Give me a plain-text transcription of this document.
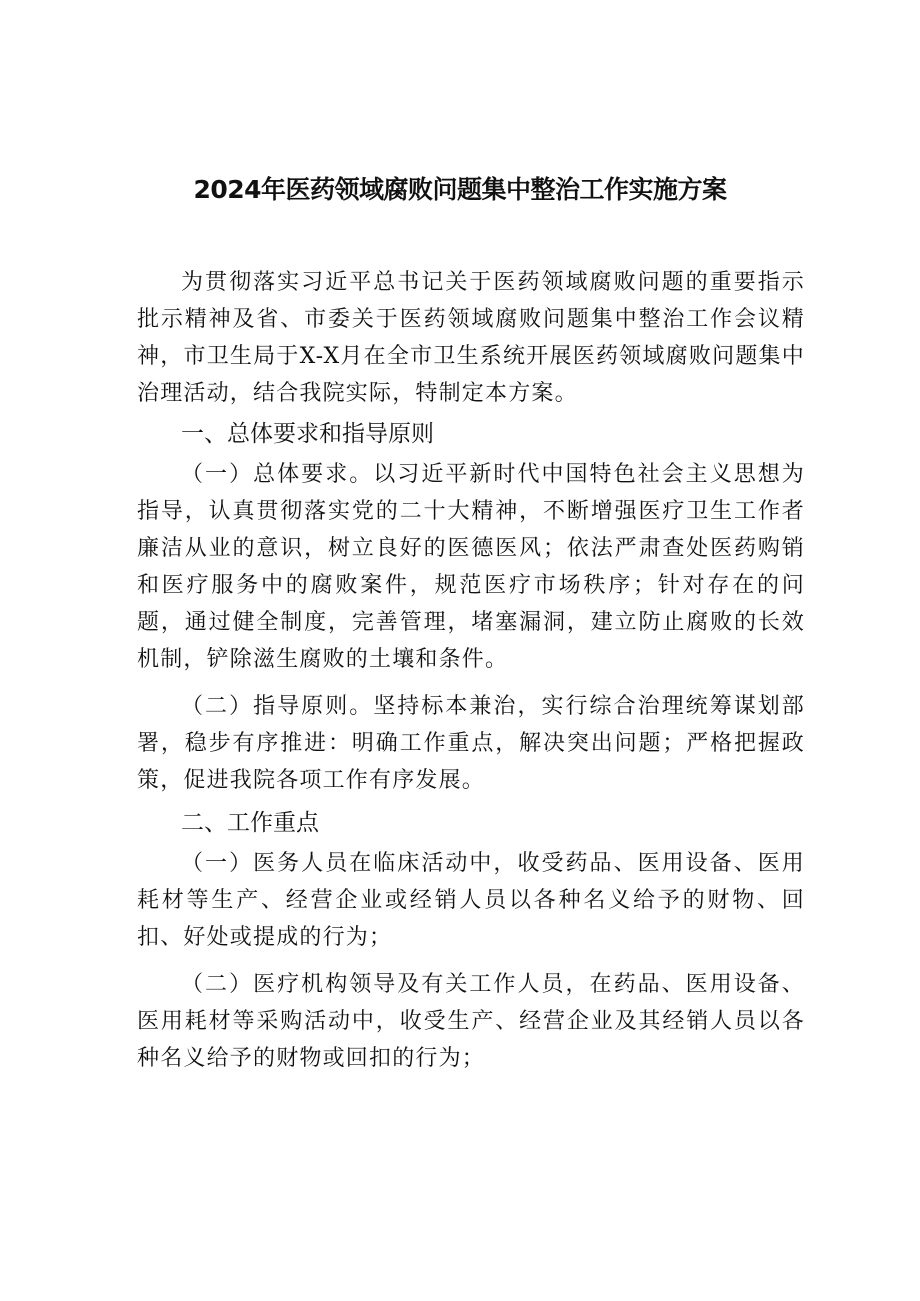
2024年医药领域腐败问题集中整治工作实施方案

为贯彻落实习近平总书记关于医药领域腐败问题的重要指示批示精神及省、市委关于医药领域腐败问题集中整治工作会议精神，市卫生局于X-X月在全市卫生系统开展医药领域腐败问题集中治理活动，结合我院实际，特制定本方案。

一、总体要求和指导原则

（一）总体要求。以习近平新时代中国特色社会主义思想为指导，认真贯彻落实党的二十大精神，不断增强医疗卫生工作者廉洁从业的意识，树立良好的医德医风；依法严肃查处医药购销和医疗服务中的腐败案件，规范医疗市场秩序；针对存在的问题，通过健全制度，完善管理，堵塞漏洞，建立防止腐败的长效机制，铲除滋生腐败的土壤和条件。

（二）指导原则。坚持标本兼治，实行综合治理统筹谋划部署，稳步有序推进：明确工作重点，解决突出问题；严格把握政策，促进我院各项工作有序发展。

二、工作重点

（一）医务人员在临床活动中，收受药品、医用设备、医用耗材等生产、经营企业或经销人员以各种名义给予的财物、回扣、好处或提成的行为；

（二）医疗机构领导及有关工作人员，在药品、医用设备、医用耗材等采购活动中，收受生产、经营企业及其经销人员以各种名义给予的财物或回扣的行为；
